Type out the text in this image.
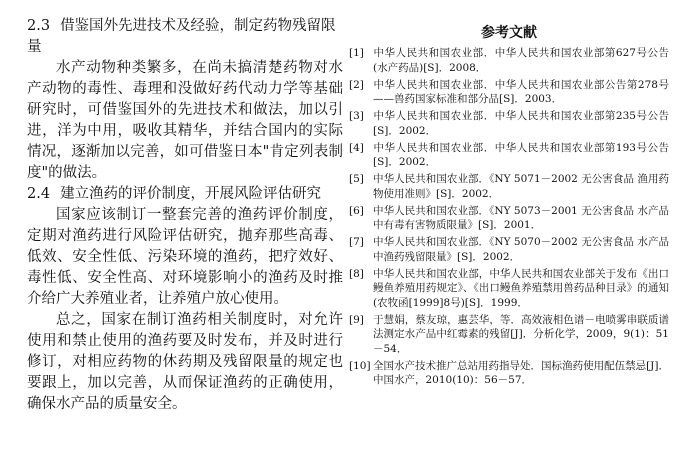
2.3 借鉴国外先进技术及经验，制定药物残留限量

水产动物种类繁多，在尚未搞清楚药物对水产动物的毒性、毒理和没做好药代动力学等基础研究时，可借鉴国外的先进技术和做法，加以引进，洋为中用，吸收其精华，并结合国内的实际情况，逐渐加以完善，如可借鉴日本"肯定列表制度"的做法。

2.4 建立渔药的评价制度，开展风险评估研究

国家应该制订一整套完善的渔药评价制度，定期对渔药进行风险评估研究，抛弃那些高毒、低效、安全性低、污染环境的渔药，把疗效好、毒性低、安全性高、对环境影响小的渔药及时推介给广大养殖业者，让养殖户放心使用。

总之，国家在制订渔药相关制度时，对允许使用和禁止使用的渔药要及时发布，并及时进行修订，对相应药物的休药期及残留限量的规定也要跟上，加以完善，从而保证渔药的正确使用，确保水产品的质量安全。

参考文献
[1] 中华人民共和国农业部．中华人民共和国农业部第627号公告(水产药品)[S]．2008．
[2] 中华人民共和国农业部．中华人民共和国农业部公告第278号——兽药国家标准和部分品[S]．2003．
[3] 中华人民共和国农业部．中华人民共和国农业部第235号公告[S]．2002．
[4] 中华人民共和国农业部．中华人民共和国农业部第193号公告[S]．2002．
[5] 中华人民共和国农业部．《NY 5071－2002 无公害食品 渔用药物使用准则》[S]．2002．
[6] 中华人民共和国农业部．《NY 5073－2001 无公害食品 水产品中有毒有害物质限量》[S]．2001．
[7] 中华人民共和国农业部．《NY 5070－2002 无公害食品 水产品中渔药残留限量》[S]．2002．
[8] 中华人民共和国农业部，中华人民共和国农业部关于发布《出口鳗鱼养殖用药规定》、《出口鳗鱼养殖禁用兽药品种目录》的通知(农牧函[1999]8号)[S]．1999．
[9] 于慧娟，蔡友琼，惠芸华，等．高效液相色谱－电喷雾串联质谱法测定水产品中红霉素的残留[J]．分析化学，2009，9(1)：51－54．
[10] 全国水产技术推广总站用药指导处．国标渔药使用配伍禁忌[J]．中国水产，2010(10)：56－57．
